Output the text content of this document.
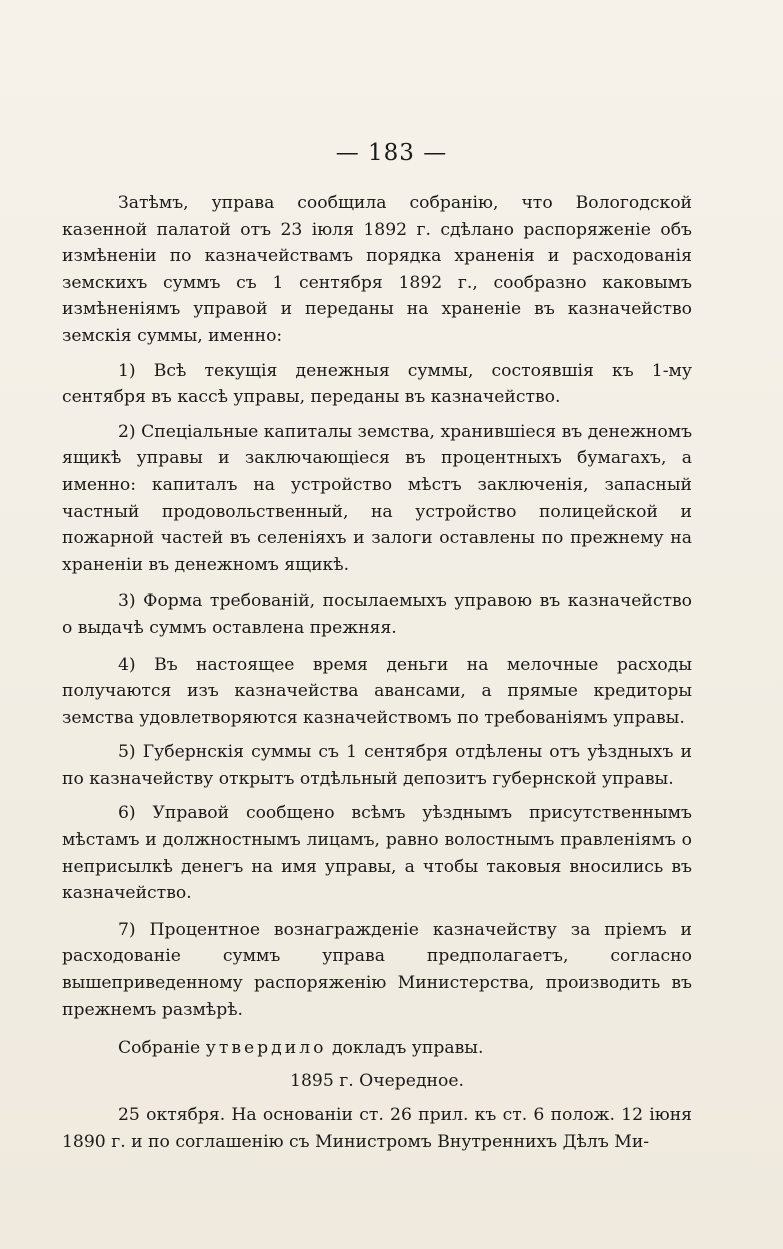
— 183 —

Затѣмъ, управа сообщила собранію, что Вологодской казенной палатой отъ 23 іюля 1892 г. сдѣлано распоряженіе объ измѣненіи по казначействамъ порядка храненія и расходованія земскихъ суммъ съ 1 сентября 1892 г., сообразно каковымъ измѣненіямъ управой и переданы на храненіе въ казначейство земскія суммы, именно:

1) Всѣ текущія денежныя суммы, состоявшія къ 1-му сентября въ кассѣ управы, переданы въ казначейство.

2) Спеціальные капиталы земства, хранившіеся въ денежномъ ящикѣ управы и заключающіеся въ процентныхъ бумагахъ, а именно: капиталъ на устройство мѣстъ заключенія, запасный частный продовольственный, на устройство полицейской и пожарной частей въ селеніяхъ и залоги оставлены по прежнему на храненіи въ денежномъ ящикѣ.

3) Форма требованій, посылаемыхъ управою въ казначейство о выдачѣ суммъ оставлена прежняя.

4) Въ настоящее время деньги на мелочные расходы получаются изъ казначейства авансами, а прямые кредиторы земства удовлетворяются казначействомъ по требованіямъ управы.

5) Губернскія суммы съ 1 сентября отдѣлены отъ уѣздныхъ и по казначейству открытъ отдѣльный депозитъ губернской управы.

6) Управой сообщено всѣмъ уѣзднымъ присутственнымъ мѣстамъ и должностнымъ лицамъ, равно волостнымъ правленіямъ о неприсылкѣ денегъ на имя управы, а чтобы таковыя вносились въ казначейство.

7) Процентное вознагражденіе казначейству за пріемъ и расходованіе суммъ управа предполагаетъ, согласно вышеприведенному распоряженію Министерства, производить въ прежнемъ размѣрѣ.

Собраніе утвердило докладъ управы.

1895 г. Очередное.

25 октября. На основаніи ст. 26 прил. къ ст. 6 полож. 12 іюня 1890 г. и по соглашенію съ Министромъ Внутреннихъ Дѣлъ Ми-
